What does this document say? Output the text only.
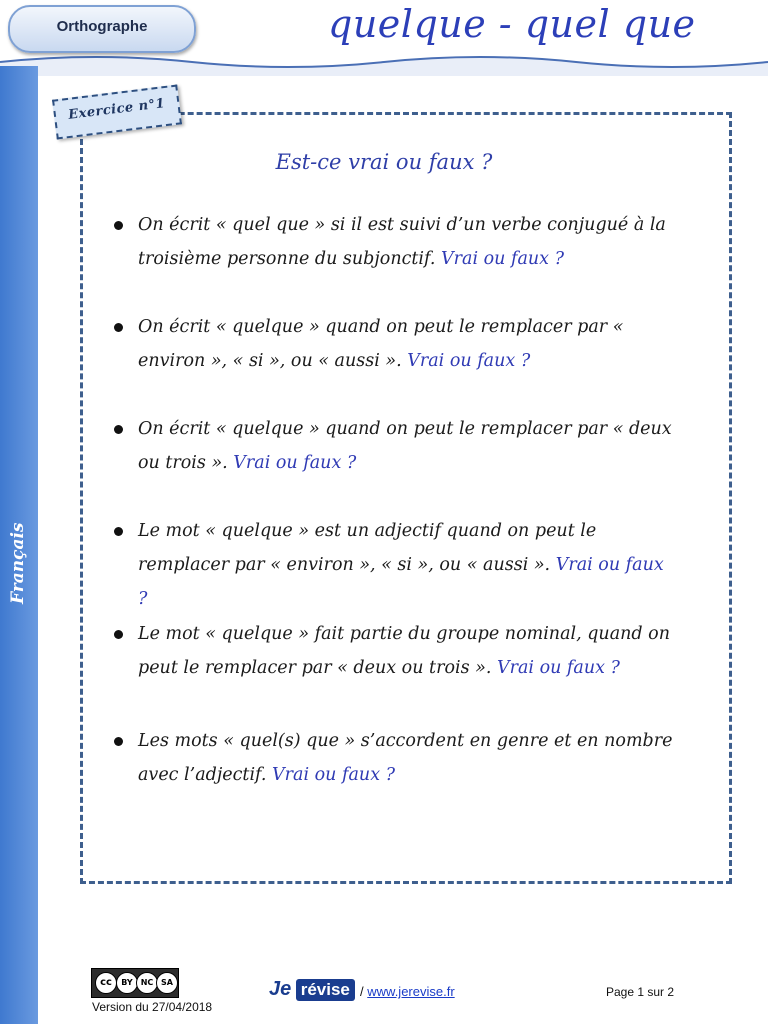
Orthographe	quelque - quel que
Français
Exercice n°1
Est-ce vrai ou faux ?
On écrit « quel que » si il est suivi d’un verbe conjugué à la troisième personne du subjonctif. Vrai ou faux ?
On écrit « quelque » quand on peut le remplacer par « environ », « si », ou « aussi ». Vrai ou faux ?
On écrit « quelque » quand on peut le remplacer par « deux ou trois ». Vrai ou faux ?
Le mot « quelque » est un adjectif quand on peut le remplacer par « environ », « si », ou « aussi ». Vrai ou faux ?
Le mot « quelque » fait partie du groupe nominal, quand on peut le remplacer par « deux ou trois ». Vrai ou faux ?
Les mots « quel(s) que » s’accordent en genre et en nombre avec l’adjectif. Vrai ou faux ?
cc	BY NC SA
Version du 27/04/2018
Je révise / www.jerevise.fr	Page 1 sur 2
